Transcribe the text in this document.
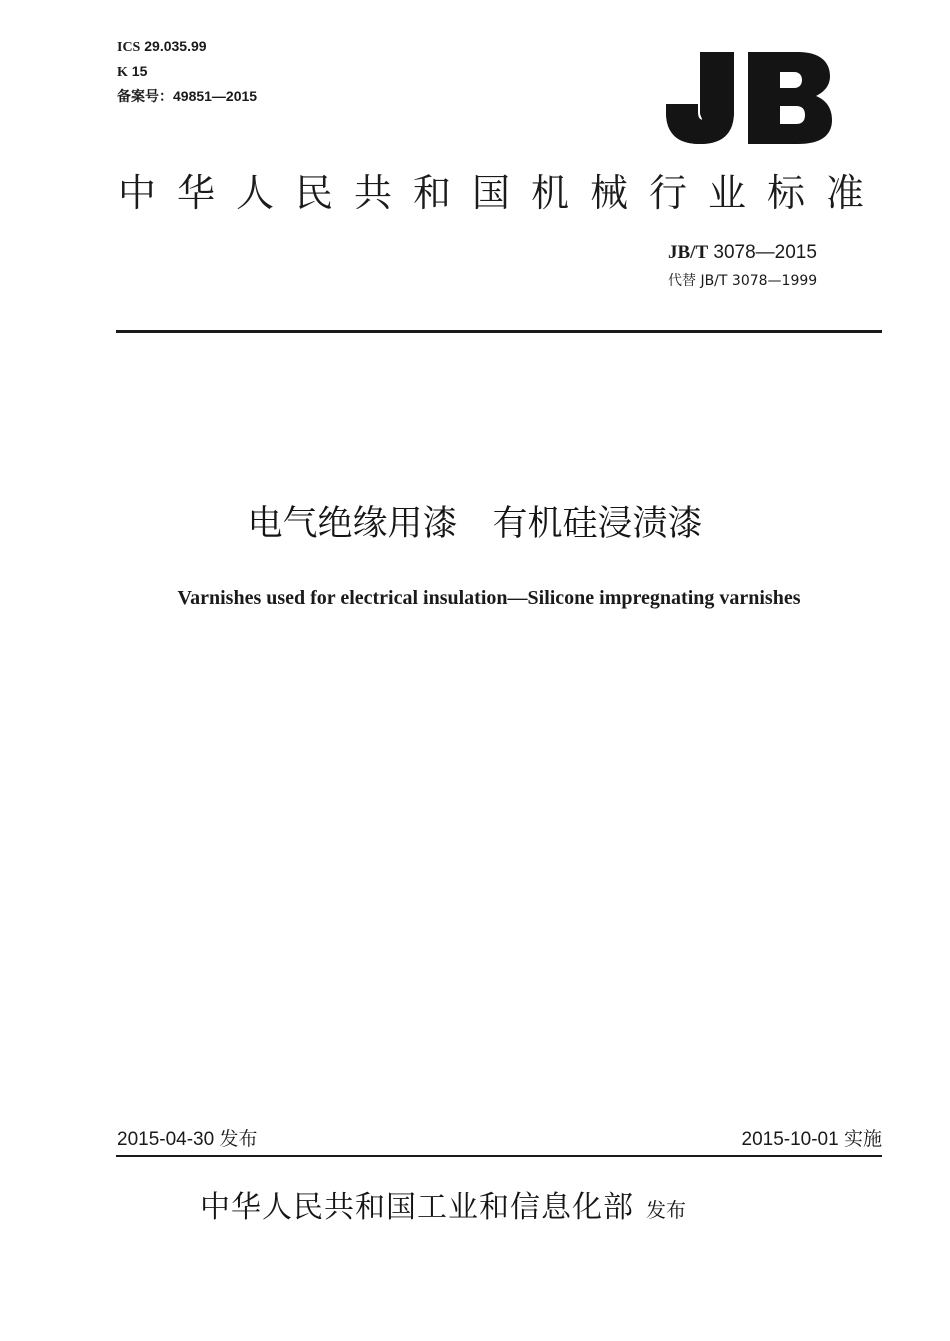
ICS 29.035.99
K 15
备案号：49851—2015
中华人民共和国机械行业标准
JB/T 3078—2015
代替 JB/T 3078—1999
电气绝缘用漆　有机硅浸渍漆
Varnishes used for electrical insulation—Silicone impregnating varnishes
2015-04-30 发布	2015-10-01 实施
中华人民共和国工业和信息化部 发布
